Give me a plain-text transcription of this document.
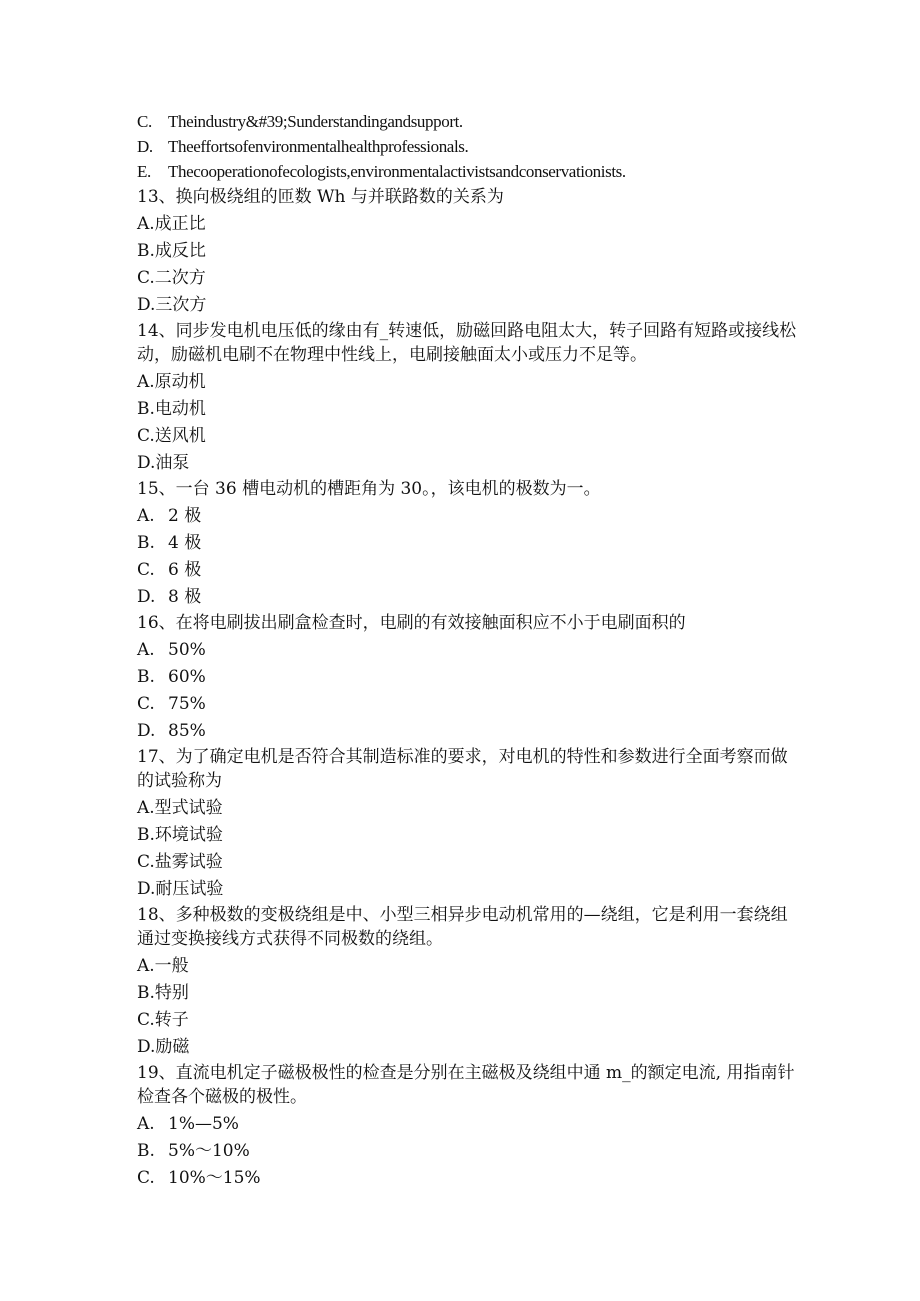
C. Theindustry&#39;Sunderstandingandsupport.
D. Theeffortsofenvironmentalhealthprofessionals.
E. Thecooperationofecologists,environmentalactivistsandconservationists.
13、换向极绕组的匝数 Wh 与并联路数的关系为
A.成正比
B.成反比
C.二次方
D.三次方
14、同步发电机电压低的缘由有_转速低，励磁回路电阻太大，转子回路有短路或接线松动，励磁机电刷不在物理中性线上，电刷接触面太小或压力不足等。
A.原动机
B.电动机
C.送风机
D.油泵
15、一台 36 槽电动机的槽距角为 30。，该电机的极数为一。
A. 2 极
B. 4 极
C. 6 极
D. 8 极
16、在将电刷拔出刷盒检查时，电刷的有效接触面积应不小于电刷面积的
A. 50%
B. 60%
C. 75%
D. 85%
17、为了确定电机是否符合其制造标准的要求，对电机的特性和参数进行全面考察而做的试验称为
A.型式试验
B.环境试验
C.盐雾试验
D.耐压试验
18、多种极数的变极绕组是中、小型三相异步电动机常用的—绕组，它是利用一套绕组通过变换接线方式获得不同极数的绕组。
A.一般
B.特别
C.转子
D.励磁
19、直流电机定子磁极极性的检查是分别在主磁极及绕组中通 m_的额定电流, 用指南针检查各个磁极的极性。
A. 1%—5%
B. 5%～10%
C. 10%～15%
